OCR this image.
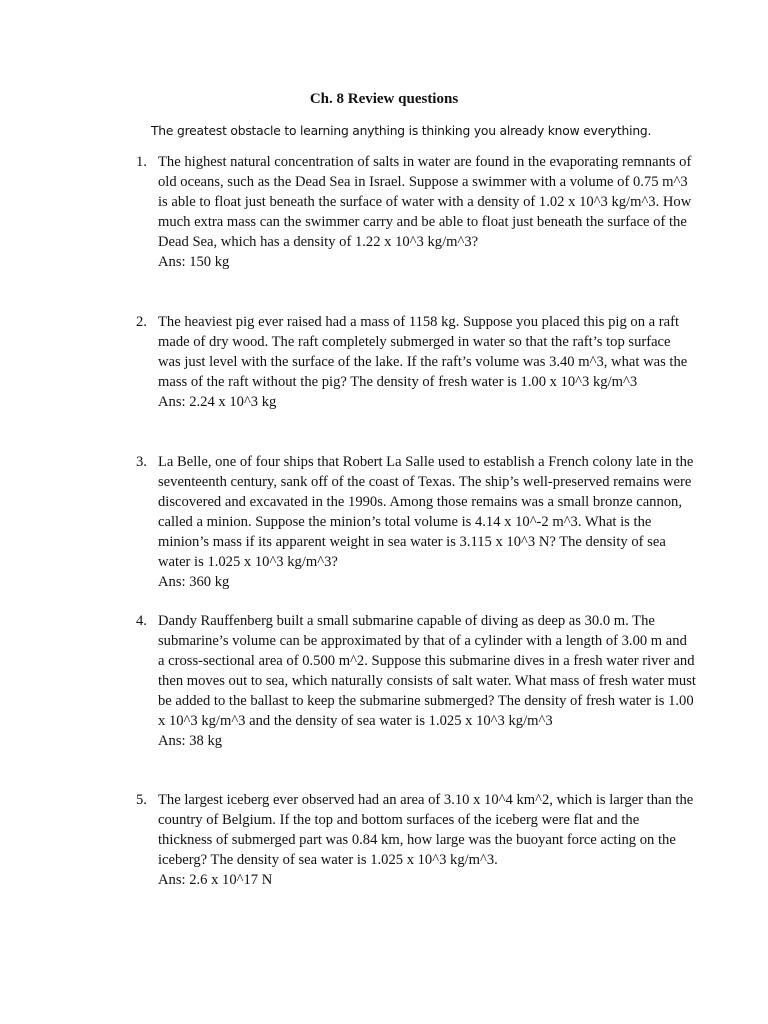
Ch. 8 Review questions
The greatest obstacle to learning anything is thinking you already know everything.
1. The highest natural concentration of salts in water are found in the evaporating remnants of old oceans, such as the Dead Sea in Israel. Suppose a swimmer with a volume of 0.75 m^3 is able to float just beneath the surface of water with a density of 1.02 x 10^3 kg/m^3. How much extra mass can the swimmer carry and be able to float just beneath the surface of the Dead Sea, which has a density of 1.22 x 10^3 kg/m^3?
Ans: 150 kg
2. The heaviest pig ever raised had a mass of 1158 kg. Suppose you placed this pig on a raft made of dry wood. The raft completely submerged in water so that the raft’s top surface was just level with the surface of the lake. If the raft’s volume was 3.40 m^3, what was the mass of the raft without the pig? The density of fresh water is 1.00 x 10^3 kg/m^3
Ans: 2.24 x 10^3 kg
3. La Belle, one of four ships that Robert La Salle used to establish a French colony late in the seventeenth century, sank off of the coast of Texas. The ship’s well-preserved remains were discovered and excavated in the 1990s. Among those remains was a small bronze cannon, called a minion. Suppose the minion’s total volume is 4.14 x 10^-2 m^3. What is the minion’s mass if its apparent weight in sea water is 3.115 x 10^3 N? The density of sea water is 1.025 x 10^3 kg/m^3?
Ans: 360 kg
4. Dandy Rauffenberg built a small submarine capable of diving as deep as 30.0 m. The submarine’s volume can be approximated by that of a cylinder with a length of 3.00 m and a cross-sectional area of 0.500 m^2. Suppose this submarine dives in a fresh water river and then moves out to sea, which naturally consists of salt water. What mass of fresh water must be added to the ballast to keep the submarine submerged? The density of fresh water is 1.00 x 10^3 kg/m^3 and the density of sea water is 1.025 x 10^3 kg/m^3
Ans: 38 kg
5. The largest iceberg ever observed had an area of 3.10 x 10^4 km^2, which is larger than the country of Belgium. If the top and bottom surfaces of the iceberg were flat and the thickness of submerged part was 0.84 km, how large was the buoyant force acting on the iceberg? The density of sea water is 1.025 x 10^3 kg/m^3.
Ans: 2.6 x 10^17 N
